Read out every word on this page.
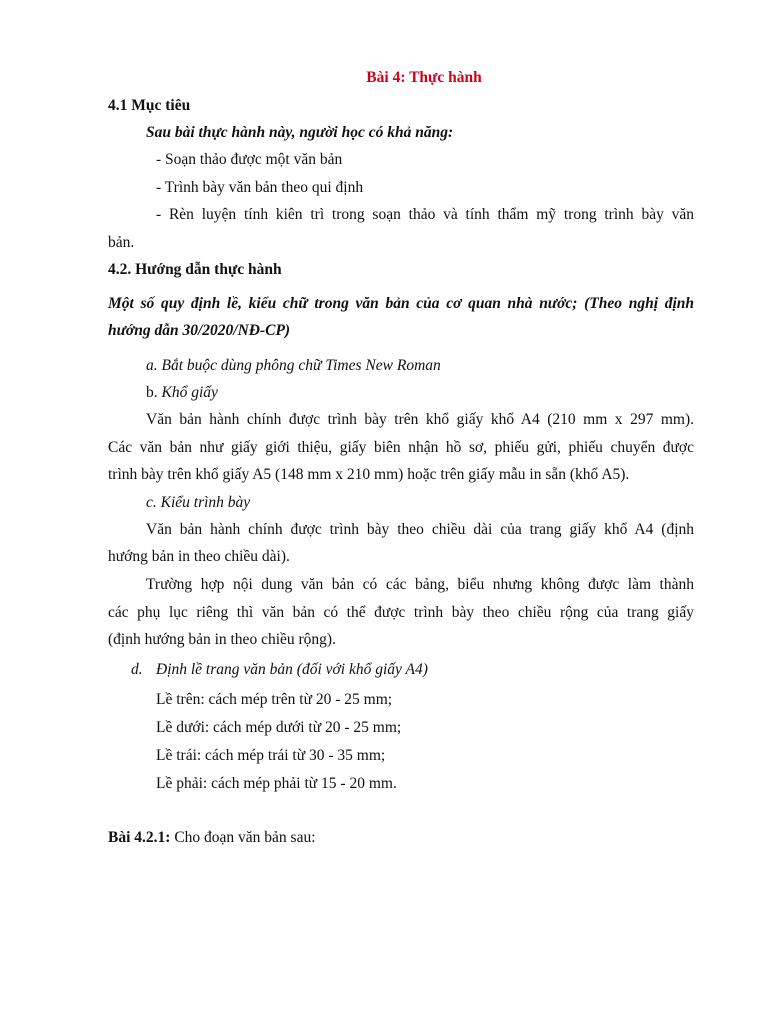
Bài 4: Thực hành
4.1 Mục tiêu
Sau bài thực hành này, người học có khả năng:
- Soạn thảo được một văn bản
- Trình bày văn bản theo qui định
- Rèn luyện tính kiên trì trong soạn thảo và tính thẩm mỹ trong trình bày văn
bản.
4.2. Hướng dẫn thực hành
Một số quy định lề, kiểu chữ trong văn bản của cơ quan nhà nước; (Theo nghị định
hướng dẫn 30/2020/NĐ-CP)
a. Bắt buộc dùng phông chữ Times New Roman
b. Khổ giấy
Văn bản hành chính được trình bày trên khổ giấy khổ A4 (210 mm x 297 mm).
Các văn bản như giấy giới thiệu, giấy biên nhận hồ sơ, phiếu gửi, phiếu chuyển được
trình bày trên khổ giấy A5 (148 mm x 210 mm) hoặc trên giấy mẫu in sẵn (khổ A5).
c. Kiểu trình bày
Văn bản hành chính được trình bày theo chiều dài của trang giấy khổ A4 (định
hướng bản in theo chiều dài).
Trường hợp nội dung văn bản có các bảng, biểu nhưng không được làm thành
các phụ lục riêng thì văn bản có thể được trình bày theo chiều rộng của trang giấy
(định hướng bản in theo chiều rộng).
d. Định lề trang văn bản (đối với khổ giấy A4)
Lề trên: cách mép trên từ 20 - 25 mm;
Lề dưới: cách mép dưới từ 20 - 25 mm;
Lề trái: cách mép trái từ 30 - 35 mm;
Lề phải: cách mép phải từ 15 - 20 mm.
Bài 4.2.1: Cho đoạn văn bản sau:
